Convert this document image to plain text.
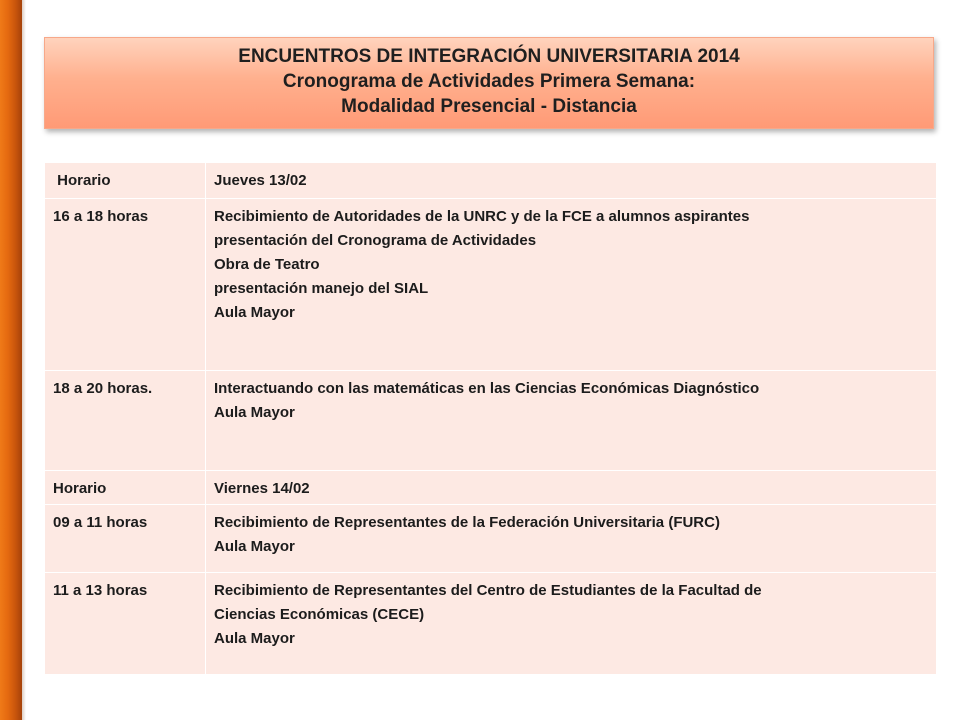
ENCUENTROS DE INTEGRACIÓN UNIVERSITARIA 2014
Cronograma de Actividades Primera Semana:
Modalidad Presencial - Distancia
Horario	Jueves 13/02

16 a 18 horas	Recibimiento de Autoridades de la UNRC y de la FCE a alumnos aspirantes
presentación del Cronograma de Actividades
Obra de Teatro
presentación manejo del SIAL
Aula Mayor

18 a 20 horas.	Interactuando con las matemáticas en las Ciencias Económicas Diagnóstico
Aula Mayor

Horario	Viernes 14/02

09 a 11 horas	Recibimiento de Representantes de la Federación Universitaria (FURC)
Aula Mayor

11 a 13 horas	Recibimiento de Representantes del Centro de Estudiantes de la Facultad de
Ciencias Económicas (CECE)
Aula Mayor
